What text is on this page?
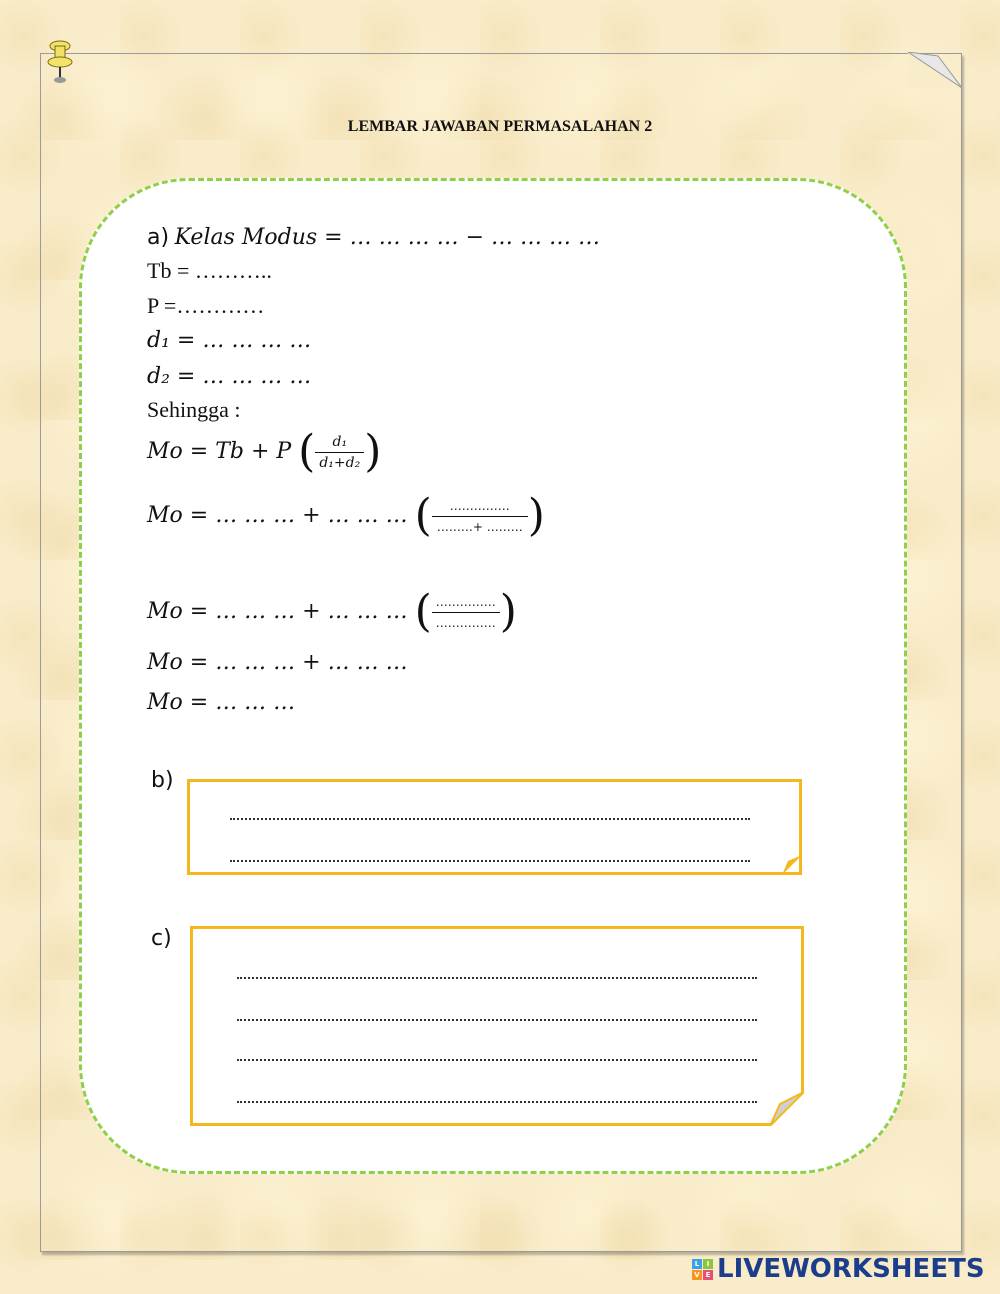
LEMBAR JAWABAN PERMASALAHAN 2
a) Kelas Modus = … … … … − … … … …
Tb = ………..
P =…………
d₁ = … … … …
d₂ = … … … …
Sehingga :
Mo = Tb + P ( $\frac{\text{d₁}}{\text{d₁+d₂}}$ )
Mo = … … … + … … … ( $\frac{\dots\dots\dots\dots\dots}{\dots\dots\dots+ \dots\dots\dots}$ )
Mo = … … … + … … … ( $\frac{\dots\dots\dots\dots\dots}{\dots\dots\dots\dots\dots}$ )
Mo = … … … + … … …
Mo = … … …
b)
c)
L	I
V E LIVEWORKSHEETS
